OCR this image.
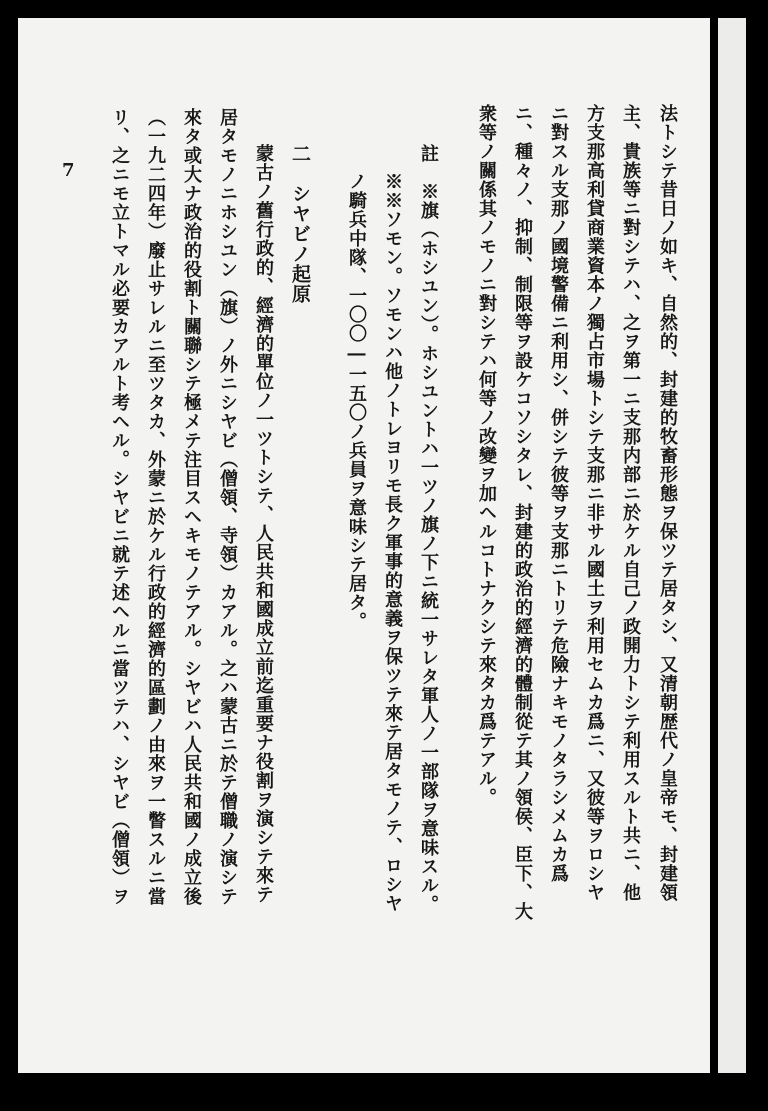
7	法トシテ昔日ノ如キ、自然的、封建的牧畜形態ヲ保ツテ居タシ、又清朝歴代ノ皇帝モ、封建領
主、貴族等ニ對シテハ、之ヲ第一ニ支那内部ニ於ケル自己ノ政開力トシテ利用スルト共ニ、他
方支那高利貸商業資本ノ獨占市場トシテ支那ニ非サル國土ヲ利用セムカ爲ニ、又彼等ヲロシヤ
ニ對スル支那ノ國境警備ニ利用シ、併シテ彼等ヲ支那ニトリテ危險ナキモノタラシメムカ爲
ニ、種々ノ、抑制、制限等ヲ設ケコソシタレ、封建的政治的經濟的體制從テ其ノ領侯、臣下、大
衆等ノ關係其ノモノニ對シテハ何等ノ改變ヲ加ヘルコトナクシテ來タカ爲テアル。
註　※旗（ホシユン）。ホシユントハ一ツノ旗ノ下ニ統一サレタ軍人ノ一部隊ヲ意味スル。
※※ソモン。ソモンハ他ノトレヨリモ長ク軍事的意義ヲ保ツテ來テ居タモノテ、ロシヤ
ノ騎兵中隊、一〇〇―一五〇ノ兵員ヲ意味シテ居タ。
二　シヤビノ起原
蒙古ノ舊行政的、經濟的單位ノ一ツトシテ、人民共和國成立前迄重要ナ役割ヲ演シテ來テ
居タモノニホシユン（旗）ノ外ニシヤビ（僧領、寺領）カアル。之ハ蒙古ニ於テ僧職ノ演シテ
來タ或大ナ政治的役割ト關聯シテ極メテ注目スヘキモノテアル。シヤビハ人民共和國ノ成立後
（一九二四年）廢止サレルニ至ツタカ、外蒙ニ於ケル行政的經濟的區劃ノ由來ヲ一瞥スルニ當
リ、之ニモ立トマル必要カアルト考ヘル。シヤビニ就テ述ヘルニ當ツテハ、シヤビ（僧領）ヲ
